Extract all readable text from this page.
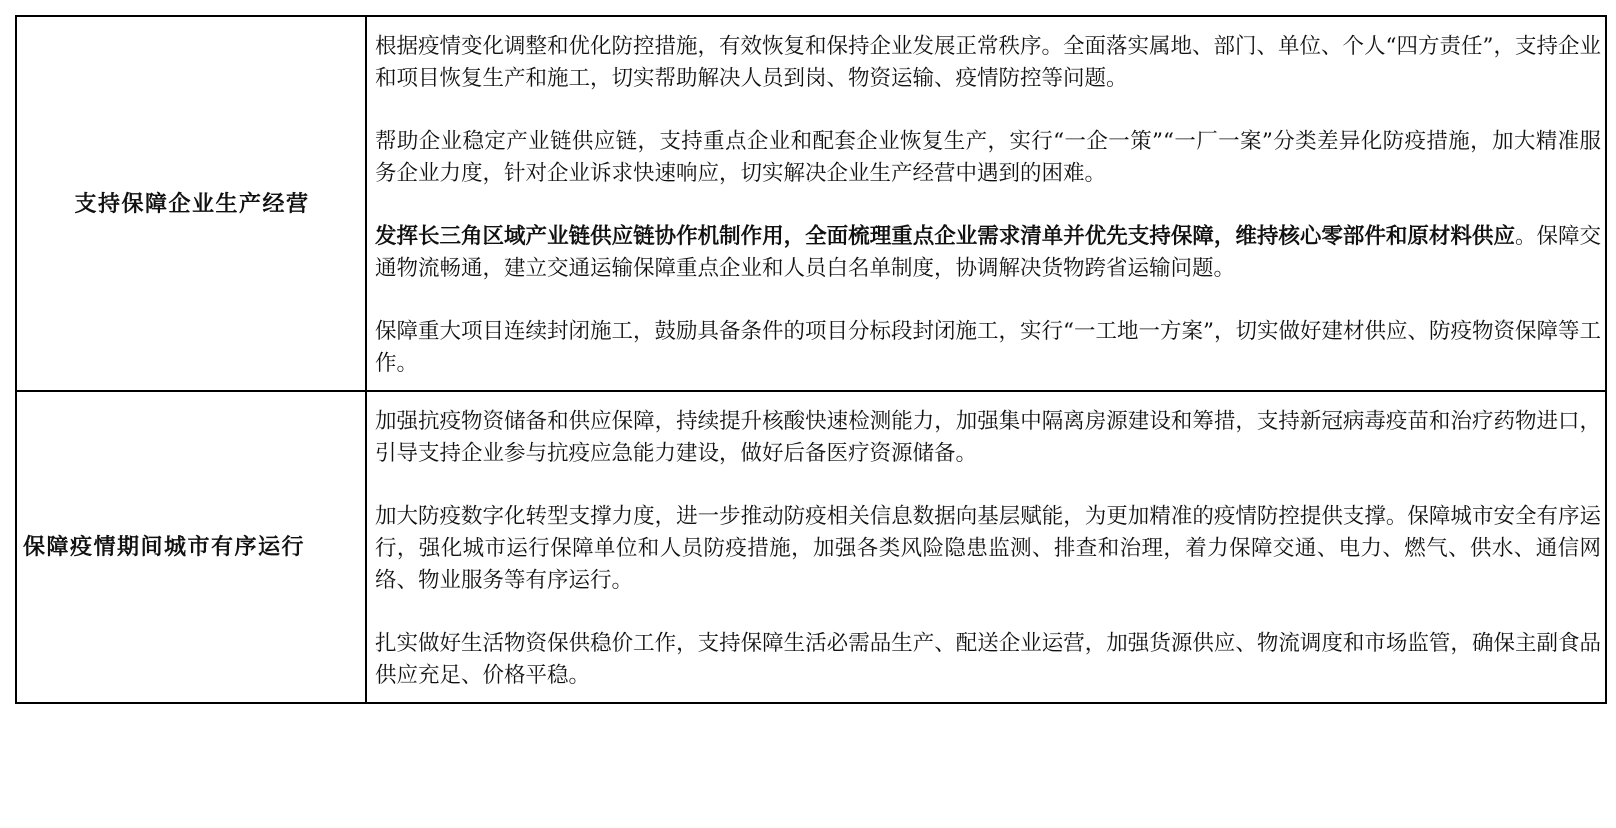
支持保障企业生产经营	根据疫情变化调整和优化防控措施，有效恢复和保持企业发展正常秩序。全面落实属地、部门、单位、个人“四方责任”，支持企业和项目恢复生产和施工，切实帮助解决人员到岗、物资运输、疫情防控等问题。

帮助企业稳定产业链供应链，支持重点企业和配套企业恢复生产，实行“一企一策”“一厂一案”分类差异化防疫措施，加大精准服务企业力度，针对企业诉求快速响应，切实解决企业生产经营中遇到的困难。

发挥长三角区域产业链供应链协作机制作用，全面梳理重点企业需求清单并优先支持保障，维持核心零部件和原材料供应。保障交通物流畅通，建立交通运输保障重点企业和人员白名单制度，协调解决货物跨省运输问题。

保障重大项目连续封闭施工，鼓励具备条件的项目分标段封闭施工，实行“一工地一方案”，切实做好建材供应、防疫物资保障等工作。

保障疫情期间城市有序运行	加强抗疫物资储备和供应保障，持续提升核酸快速检测能力，加强集中隔离房源建设和筹措，支持新冠病毒疫苗和治疗药物进口，引导支持企业参与抗疫应急能力建设，做好后备医疗资源储备。

加大防疫数字化转型支撑力度，进一步推动防疫相关信息数据向基层赋能，为更加精准的疫情防控提供支撑。保障城市安全有序运行，强化城市运行保障单位和人员防疫措施，加强各类风险隐患监测、排查和治理，着力保障交通、电力、燃气、供水、通信网络、物业服务等有序运行。

扎实做好生活物资保供稳价工作，支持保障生活必需品生产、配送企业运营，加强货源供应、物流调度和市场监管，确保主副食品供应充足、价格平稳。
